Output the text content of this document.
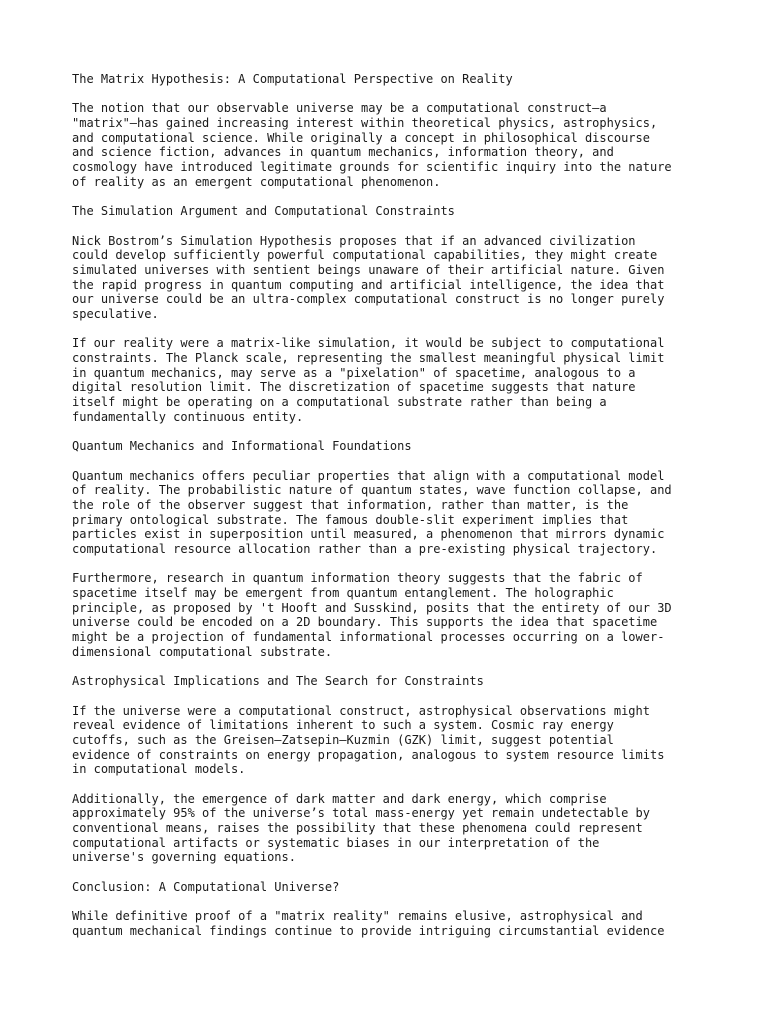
The Matrix Hypothesis: A Computational Perspective on Reality
The notion that our observable universe may be a computational construct—a
"matrix"—has gained increasing interest within theoretical physics, astrophysics,
and computational science. While originally a concept in philosophical discourse
and science fiction, advances in quantum mechanics, information theory, and
cosmology have introduced legitimate grounds for scientific inquiry into the nature
of reality as an emergent computational phenomenon.
The Simulation Argument and Computational Constraints
Nick Bostrom’s Simulation Hypothesis proposes that if an advanced civilization
could develop sufficiently powerful computational capabilities, they might create
simulated universes with sentient beings unaware of their artificial nature. Given
the rapid progress in quantum computing and artificial intelligence, the idea that
our universe could be an ultra-complex computational construct is no longer purely
speculative.
If our reality were a matrix-like simulation, it would be subject to computational
constraints. The Planck scale, representing the smallest meaningful physical limit
in quantum mechanics, may serve as a "pixelation" of spacetime, analogous to a
digital resolution limit. The discretization of spacetime suggests that nature
itself might be operating on a computational substrate rather than being a
fundamentally continuous entity.
Quantum Mechanics and Informational Foundations
Quantum mechanics offers peculiar properties that align with a computational model
of reality. The probabilistic nature of quantum states, wave function collapse, and
the role of the observer suggest that information, rather than matter, is the
primary ontological substrate. The famous double-slit experiment implies that
particles exist in superposition until measured, a phenomenon that mirrors dynamic
computational resource allocation rather than a pre-existing physical trajectory.
Furthermore, research in quantum information theory suggests that the fabric of
spacetime itself may be emergent from quantum entanglement. The holographic
principle, as proposed by 't Hooft and Susskind, posits that the entirety of our 3D
universe could be encoded on a 2D boundary. This supports the idea that spacetime
might be a projection of fundamental informational processes occurring on a lower-
dimensional computational substrate.
Astrophysical Implications and The Search for Constraints
If the universe were a computational construct, astrophysical observations might
reveal evidence of limitations inherent to such a system. Cosmic ray energy
cutoffs, such as the Greisen–Zatsepin–Kuzmin (GZK) limit, suggest potential
evidence of constraints on energy propagation, analogous to system resource limits
in computational models.
Additionally, the emergence of dark matter and dark energy, which comprise
approximately 95% of the universe’s total mass-energy yet remain undetectable by
conventional means, raises the possibility that these phenomena could represent
computational artifacts or systematic biases in our interpretation of the
universe's governing equations.
Conclusion: A Computational Universe?
While definitive proof of a "matrix reality" remains elusive, astrophysical and
quantum mechanical findings continue to provide intriguing circumstantial evidence
